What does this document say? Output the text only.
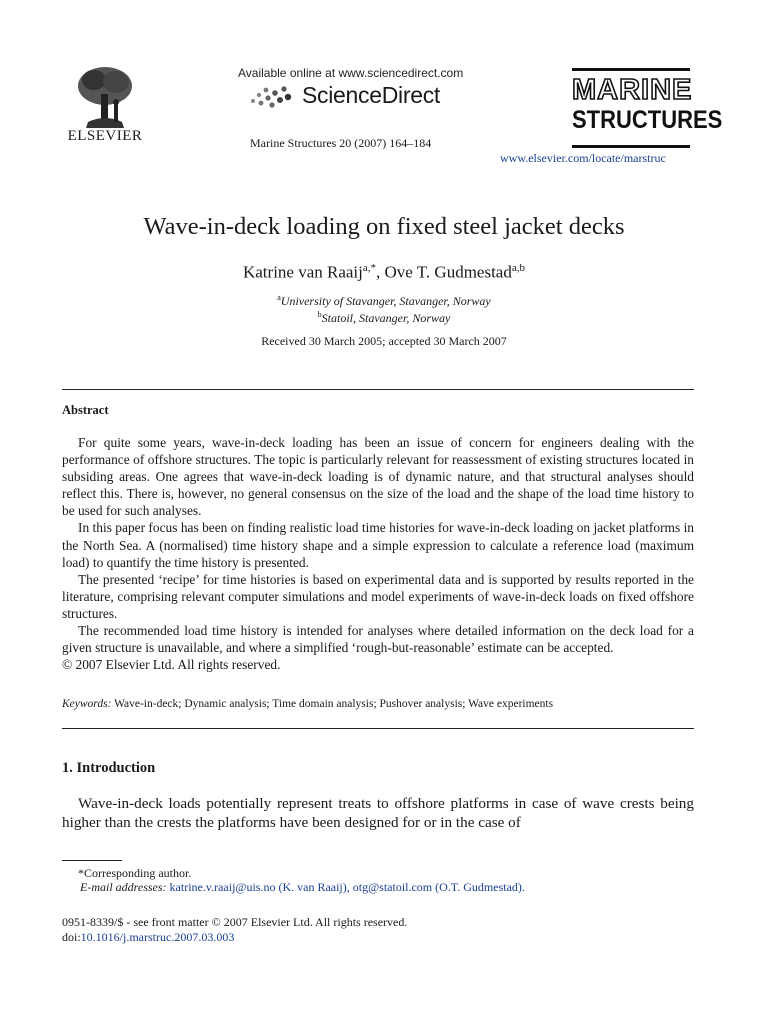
ELSEVIER
Available online at www.sciencedirect.com
ScienceDirect
Marine Structures 20 (2007) 164–184
MARINE
STRUCTURES
www.elsevier.com/locate/marstruc
Wave-in-deck loading on fixed steel jacket decks
Katrine van Raaij$^{a,*}$, Ove T. Gudmestad$^{a,b}$
$^a$University of Stavanger, Stavanger, Norway
$^b$Statoil, Stavanger, Norway
Received 30 March 2005; accepted 30 March 2007
Abstract

For quite some years, wave-in-deck loading has been an issue of concern for engineers dealing with the performance of offshore structures. The topic is particularly relevant for reassessment of existing structures located in subsiding areas. One agrees that wave-in-deck loading is of dynamic nature, and that structural analyses should reflect this. There is, however, no general consensus on the size of the load and the shape of the load time history to be used for such analyses.

In this paper focus has been on finding realistic load time histories for wave-in-deck loading on jacket platforms in the North Sea. A (normalised) time history shape and a simple expression to calculate a reference load (maximum load) to quantify the time history is presented.

The presented ‘recipe’ for time histories is based on experimental data and is supported by results reported in the literature, comprising relevant computer simulations and model experiments of wave-in-deck loads on fixed offshore structures.

The recommended load time history is intended for analyses where detailed information on the deck load for a given structure is unavailable, and where a simplified ‘rough-but-reasonable’ estimate can be accepted.

© 2007 Elsevier Ltd. All rights reserved.

Keywords: Wave-in-deck; Dynamic analysis; Time domain analysis; Pushover analysis; Wave experiments
1. Introduction
Wave-in-deck loads potentially represent treats to offshore platforms in case of wave crests being higher than the crests the platforms have been designed for or in the case of
*Corresponding author.
E-mail addresses: katrine.v.raaij@uis.no (K. van Raaij), otg@statoil.com (O.T. Gudmestad).
0951-8339/$ - see front matter © 2007 Elsevier Ltd. All rights reserved.
doi:10.1016/j.marstruc.2007.03.003
